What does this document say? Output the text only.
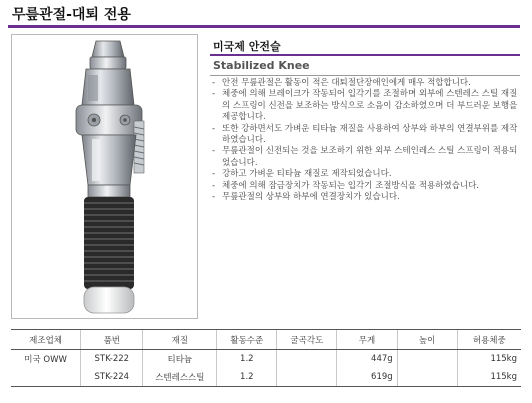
무릎관절-대퇴 전용
미국제 안전슬
Stabilized Knee
- 안전 무릎관절은 활동이 적은 대퇴절단장애인에게 매우 적합합니다.
- 체중에 의해 브레이크가 작동되어 입각기를 조절하며 외부에 스텐레스 스틸 재질의 스프링이 신전을 보조하는 방식으로 소음이 감소하였으며 더 부드러운 보행을 제공합니다.
- 또한 강하면서도 가벼운 티타늄 재질을 사용하여 상부와 하부의 연결부위를 제작하였습니다.
- 무릎관절이 신전되는 것을 보조하기 위한 외부 스테인레스 스틸 스프링이 적용되었습니다.
- 강하고 가벼운 티타늄 재질로 제작되었습니다.
- 체중에 의해 잠금장치가 작동되는 입각기 조절방식을 적용하였습니다.
- 무릎관절의 상부와 하부에 연결장치가 있습니다.
제조업체	품번	재질	활동수준	굴곡각도	무게	높이	허용체중
미국 OWW	STK-222	티타늄	1.2		447g		115kg
	STK-224	스텐레스스틸	1.2		619g		115kg
